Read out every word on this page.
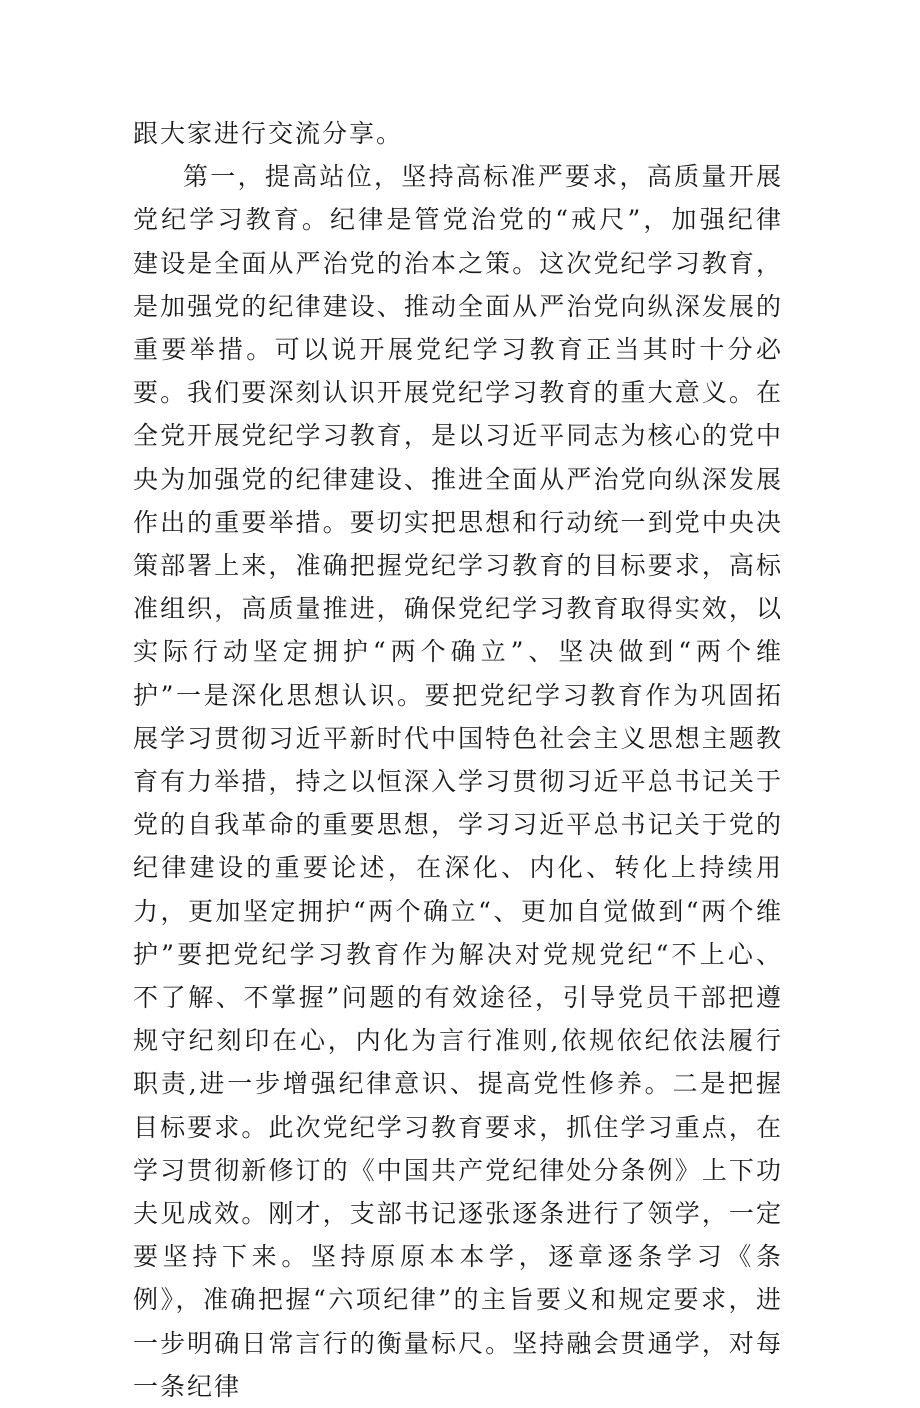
跟大家进行交流分享。

第一，提高站位，坚持高标准严要求，高质量开展党纪学习教育。纪律是管党治党的“戒尺”，加强纪律建设是全面从严治党的治本之策。这次党纪学习教育，是加强党的纪律建设、推动全面从严治党向纵深发展的重要举措。可以说开展党纪学习教育正当其时十分必要。我们要深刻认识开展党纪学习教育的重大意义。在全党开展党纪学习教育，是以习近平同志为核心的党中央为加强党的纪律建设、推进全面从严治党向纵深发展作出的重要举措。要切实把思想和行动统一到党中央决策部署上来，准确把握党纪学习教育的目标要求，高标准组织，高质量推进，确保党纪学习教育取得实效，以实际行动坚定拥护“两个确立”、坚决做到“两个维护”一是深化思想认识。要把党纪学习教育作为巩固拓展学习贯彻习近平新时代中国特色社会主义思想主题教育有力举措，持之以恒深入学习贯彻习近平总书记关于党的自我革命的重要思想，学习习近平总书记关于党的纪律建设的重要论述，在深化、内化、转化上持续用力，更加坚定拥护“两个确立“、更加自觉做到“两个维护”要把党纪学习教育作为解决对党规党纪“不上心、不了解、不掌握”问题的有效途径，引导党员干部把遵规守纪刻印在心，内化为言行准则,依规依纪依法履行职责,进一步增强纪律意识、提高党性修养。二是把握目标要求。此次党纪学习教育要求，抓住学习重点，在学习贯彻新修订的《中国共产党纪律处分条例》上下功夫见成效。刚才，支部书记逐张逐条进行了领学，一定要坚持下来。坚持原原本本学，逐章逐条学习《条例》，准确把握“六项纪律”的主旨要义和规定要求，进一步明确日常言行的衡量标尺。坚持融会贯通学，对每一条纪律
